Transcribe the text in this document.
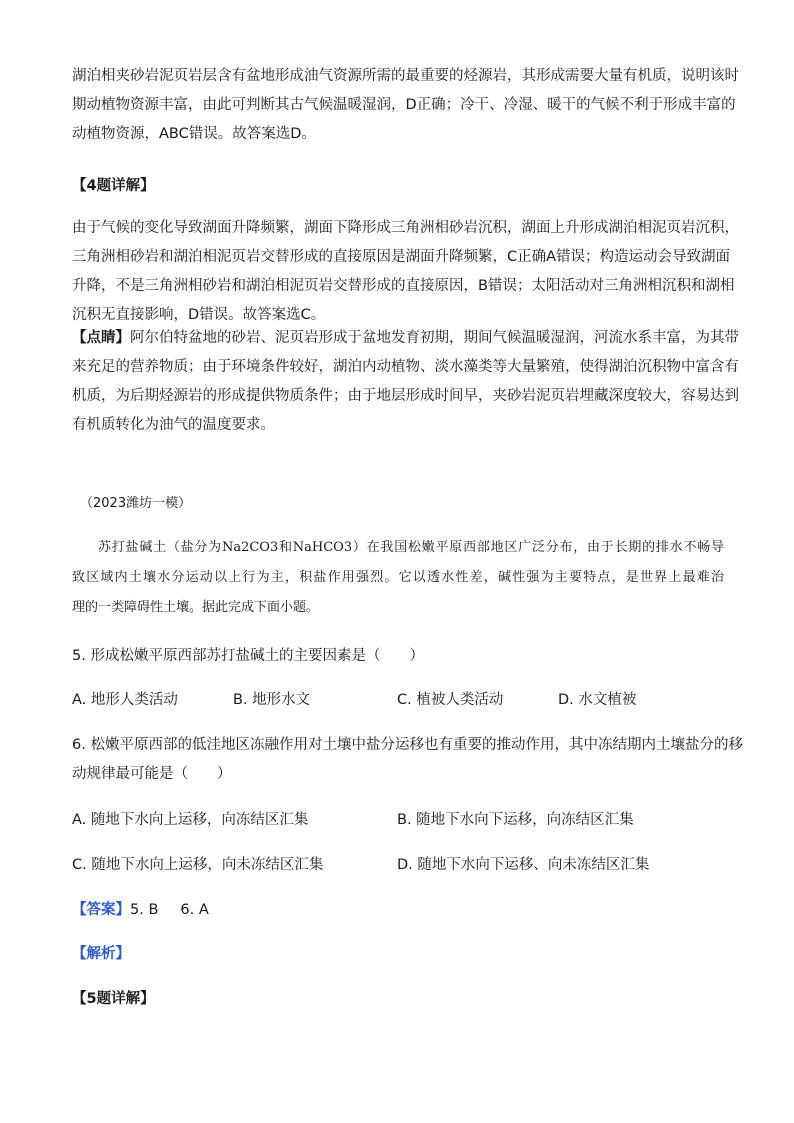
湖泊相夹砂岩泥页岩层含有盆地形成油气资源所需的最重要的烃源岩，其形成需要大量有机质，说明该时
期动植物资源丰富，由此可判断其古气候温暖湿润，D正确；冷干、冷湿、暖干的气候不利于形成丰富的
动植物资源，ABC错误。故答案选D。

【4题详解】

由于气候的变化导致湖面升降频繁，湖面下降形成三角洲相砂岩沉积，湖面上升形成湖泊相泥页岩沉积，
三角洲相砂岩和湖泊相泥页岩交替形成的直接原因是湖面升降频繁，C正确A错误；构造运动会导致湖面
升降，不是三角洲相砂岩和湖泊相泥页岩交替形成的直接原因，B错误；太阳活动对三角洲相沉积和湖相
沉积无直接影响，D错误。故答案选C。

【点睛】阿尔伯特盆地的砂岩、泥页岩形成于盆地发育初期，期间气候温暖湿润，河流水系丰富，为其带
来充足的营养物质；由于环境条件较好，湖泊内动植物、淡水藻类等大量繁殖，使得湖泊沉积物中富含有
机质，为后期烃源岩的形成提供物质条件；由于地层形成时间早，夹砂岩泥页岩埋藏深度较大，容易达到
有机质转化为油气的温度要求。

（2023潍坊一模）

苏打盐碱土（盐分为Na2CO3和NaHCO3）在我国松嫩平原西部地区广泛分布，由于长期的排水不畅导
致区域内土壤水分运动以上行为主，积盐作用强烈。它以透水性差，碱性强为主要特点，是世界上最难治
理的一类障碍性土壤。据此完成下面小题。

5. 形成松嫩平原西部苏打盐碱土的主要因素是（　　）

A. 地形人类活动	B. 地形水文	C. 植被人类活动	D. 水文植被

6. 松嫩平原西部的低洼地区冻融作用对土壤中盐分运移也有重要的推动作用，其中冻结期内土壤盐分的移
动规律最可能是（　　）

A. 随地下水向上运移，向冻结区汇集	B. 随地下水向下运移，向冻结区汇集

C. 随地下水向上运移，向未冻结区汇集	D. 随地下水向下运移、向未冻结区汇集

【答案】5. B 6. A

【解析】

【5题详解】
